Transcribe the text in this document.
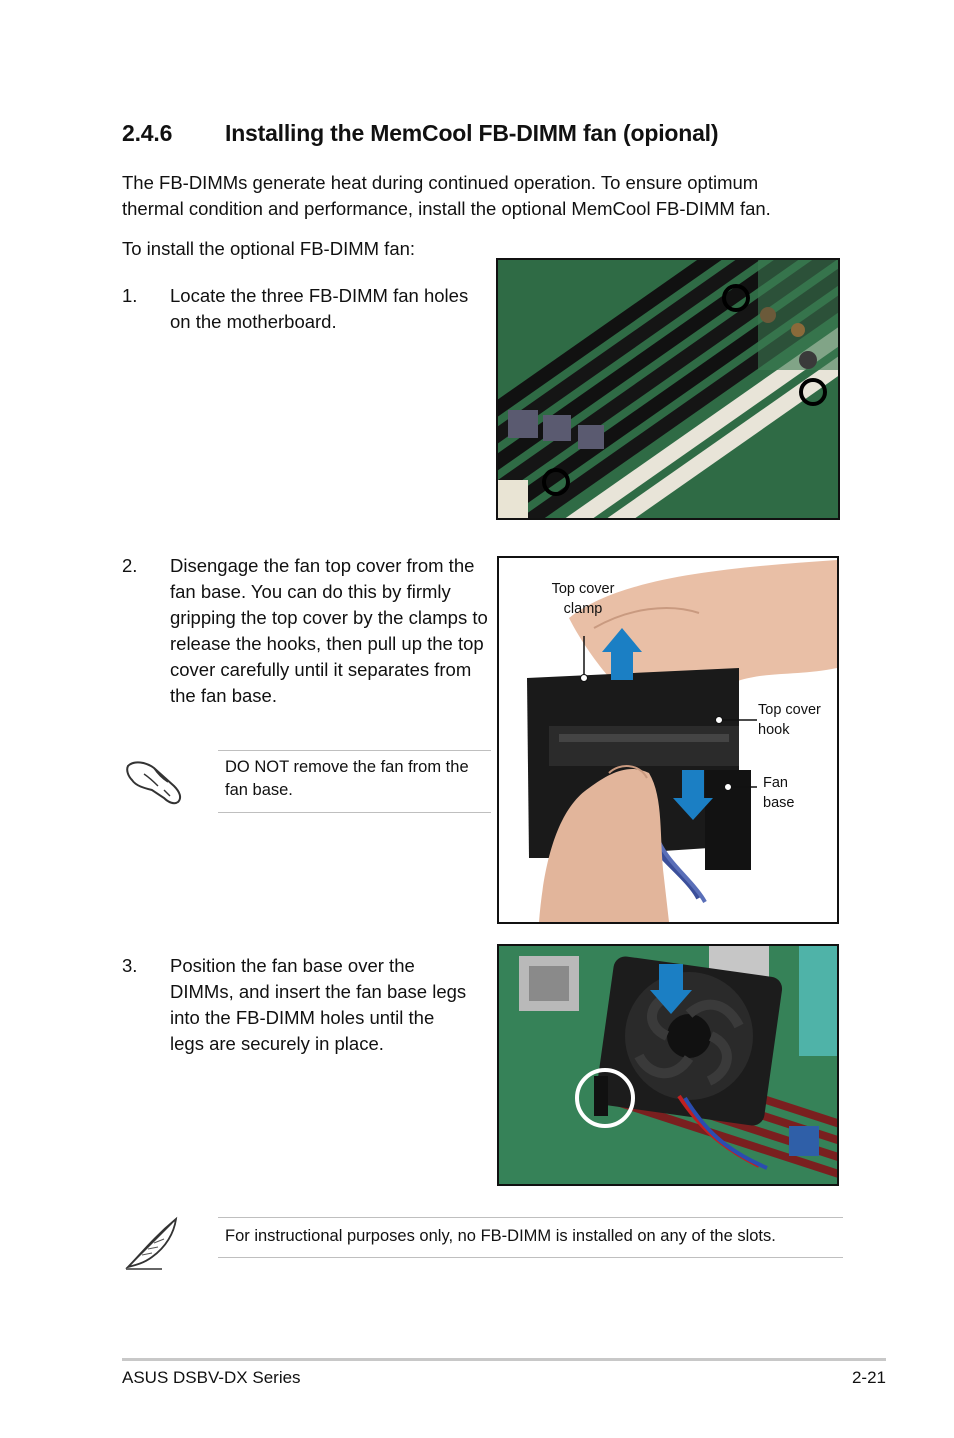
2.4.6 Installing the MemCool FB-DIMM fan (opional)
The FB-DIMMs generate heat during continued operation. To ensure optimum thermal condition and performance, install the optional MemCool FB-DIMM fan.
To install the optional FB-DIMM fan:
1. Locate the three FB-DIMM fan holes on the motherboard.
2. Disengage the fan top cover from the fan base. You can do this by firmly gripping the top cover by the clamps to release the hooks, then pull up the top cover carefully until it separates from the fan base.
DO NOT remove the fan from the fan base.
Top cover clamp
Top cover hook
Fan base
3. Position the fan base over the DIMMs, and insert the fan base legs into the FB-DIMM holes until the legs are securely in place.
For instructional purposes only, no FB-DIMM is installed on any of the slots.
ASUS DSBV-DX Series	2-21
